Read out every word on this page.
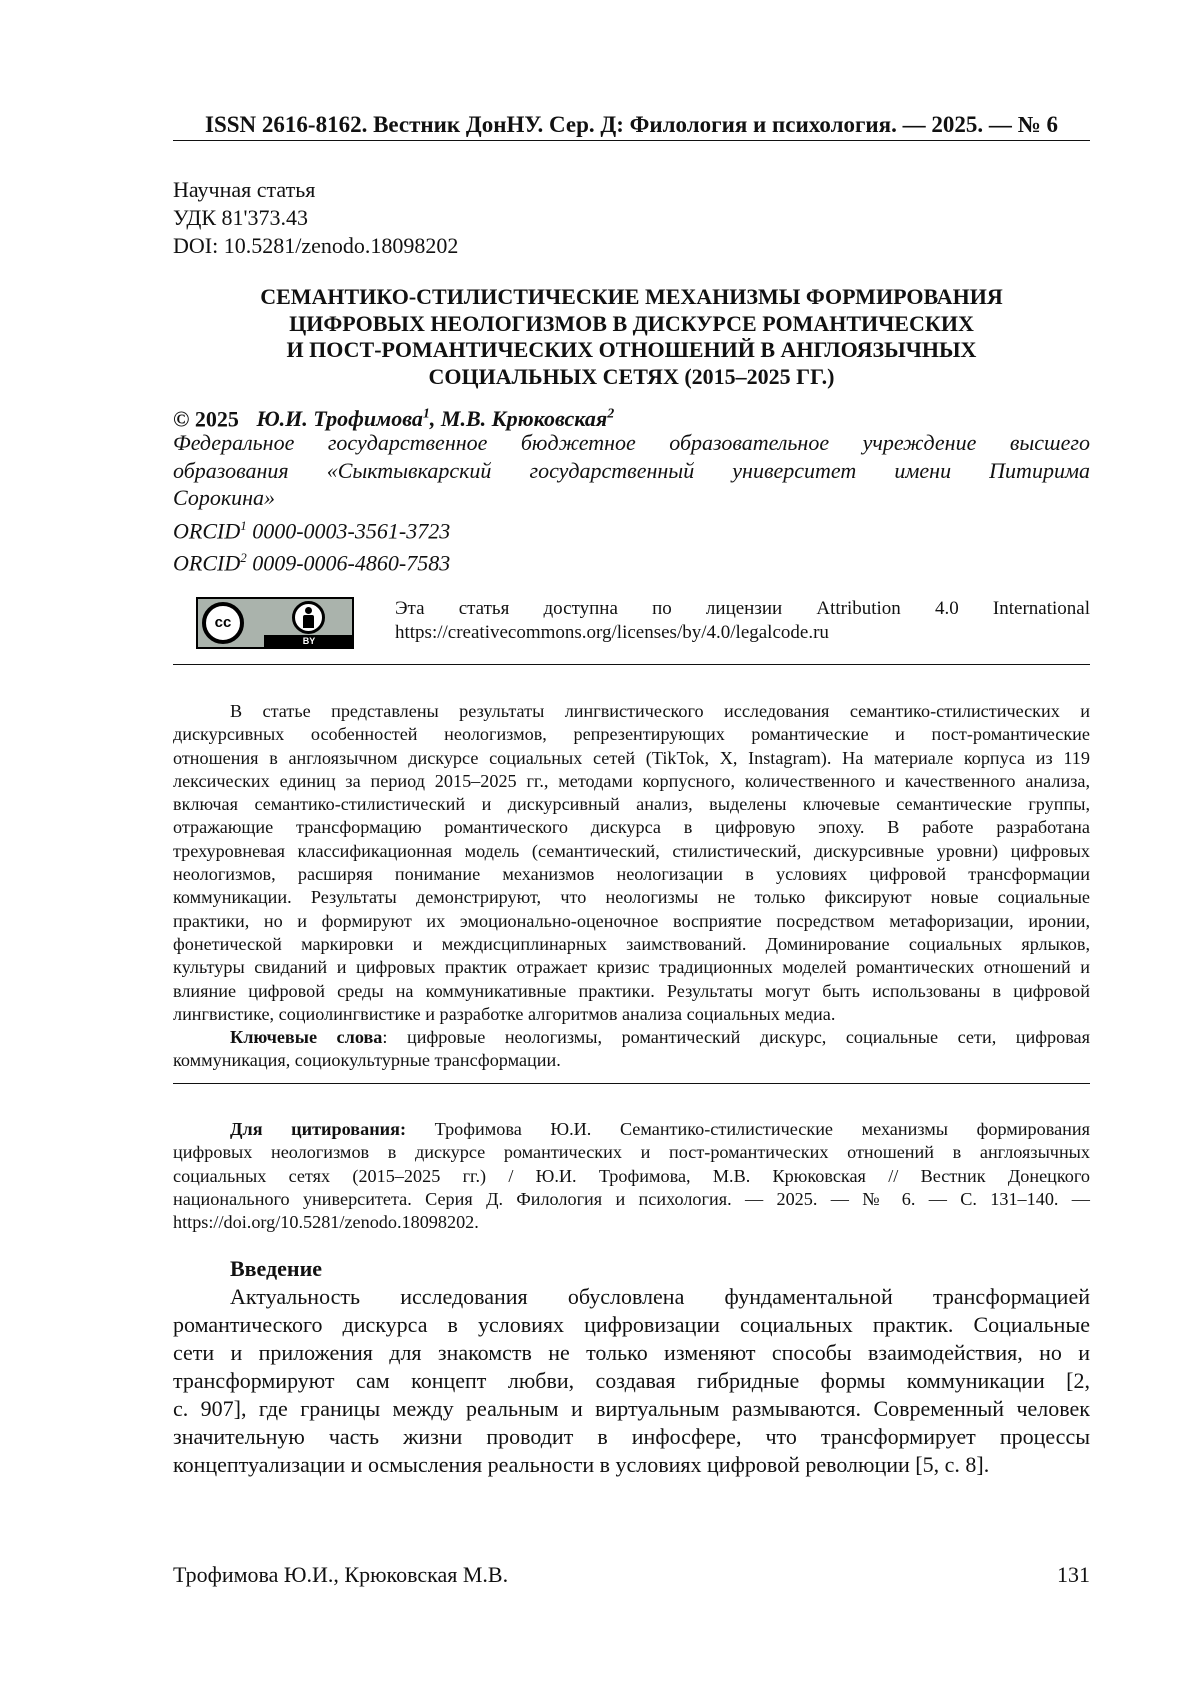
ISSN 2616-8162. Вестник ДонНУ. Сер. Д: Филология и психология. — 2025. — № 6
Научная статья
УДК 81'373.43
DOI: 10.5281/zenodo.18098202
СЕМАНТИКО-СТИЛИСТИЧЕСКИЕ МЕХАНИЗМЫ ФОРМИРОВАНИЯ
ЦИФРОВЫХ НЕОЛОГИЗМОВ В ДИСКУРСЕ РОМАНТИЧЕСКИХ
И ПОСТ-РОМАНТИЧЕСКИХ ОТНОШЕНИЙ В АНГЛОЯЗЫЧНЫХ
СОЦИАЛЬНЫХ СЕТЯХ (2015–2025 ГГ.)
© 2025 Ю.И. Трофимова$^1$, М.В. Крюковская$^2$
Федеральное государственное бюджетное образовательное учреждение высшего
образования «Сыктывкарский государственный университет имени Питирима
Сорокина»
ORCID$^1$ 0000-0003-3561-3723
ORCID$^2$ 0009-0006-4860-7583
cc
BY
Эта статья доступна по лицензии Attribution 4.0 International
https://creativecommons.org/licenses/by/4.0/legalcode.ru
В статье представлены результаты лингвистического исследования семантико-стилистических и
дискурсивных особенностей неологизмов, репрезентирующих романтические и пост-романтические
отношения в англоязычном дискурсе социальных сетей (TikTok, X, Instagram). На материале корпуса из 119
лексических единиц за период 2015–2025 гг., методами корпусного, количественного и качественного анализа,
включая семантико-стилистический и дискурсивный анализ, выделены ключевые семантические группы,
отражающие трансформацию романтического дискурса в цифровую эпоху. В работе разработана
трехуровневая классификационная модель (семантический, стилистический, дискурсивные уровни) цифровых
неологизмов, расширяя понимание механизмов неологизации в условиях цифровой трансформации
коммуникации. Результаты демонстрируют, что неологизмы не только фиксируют новые социальные
практики, но и формируют их эмоционально-оценочное восприятие посредством метафоризации, иронии,
фонетической маркировки и междисциплинарных заимствований. Доминирование социальных ярлыков,
культуры свиданий и цифровых практик отражает кризис традиционных моделей романтических отношений и
влияние цифровой среды на коммуникативные практики. Результаты могут быть использованы в цифровой
лингвистике, социолингвистике и разработке алгоритмов анализа социальных медиа.
Ключевые слова: цифровые неологизмы, романтический дискурс, социальные сети, цифровая
коммуникация, социокультурные трансформации.
Для цитирования: Трофимова Ю.И. Семантико-стилистические механизмы формирования
цифровых неологизмов в дискурсе романтических и пост-романтических отношений в англоязычных
социальных сетях (2015–2025 гг.) / Ю.И. Трофимова, М.В. Крюковская // Вестник Донецкого
национального университета. Серия Д. Филология и психология. — 2025. — № 6. — С. 131–140. —
https://doi.org/10.5281/zenodo.18098202.
Введение
Актуальность исследования обусловлена фундаментальной трансформацией
романтического дискурса в условиях цифровизации социальных практик. Социальные
сети и приложения для знакомств не только изменяют способы взаимодействия, но и
трансформируют сам концепт любви, создавая гибридные формы коммуникации [2,
с. 907], где границы между реальным и виртуальным размываются. Современный человек
значительную часть жизни проводит в инфосфере, что трансформирует процессы
концептуализации и осмысления реальности в условиях цифровой революции [5, с. 8].
Трофимова Ю.И., Крюковская М.В.	131
